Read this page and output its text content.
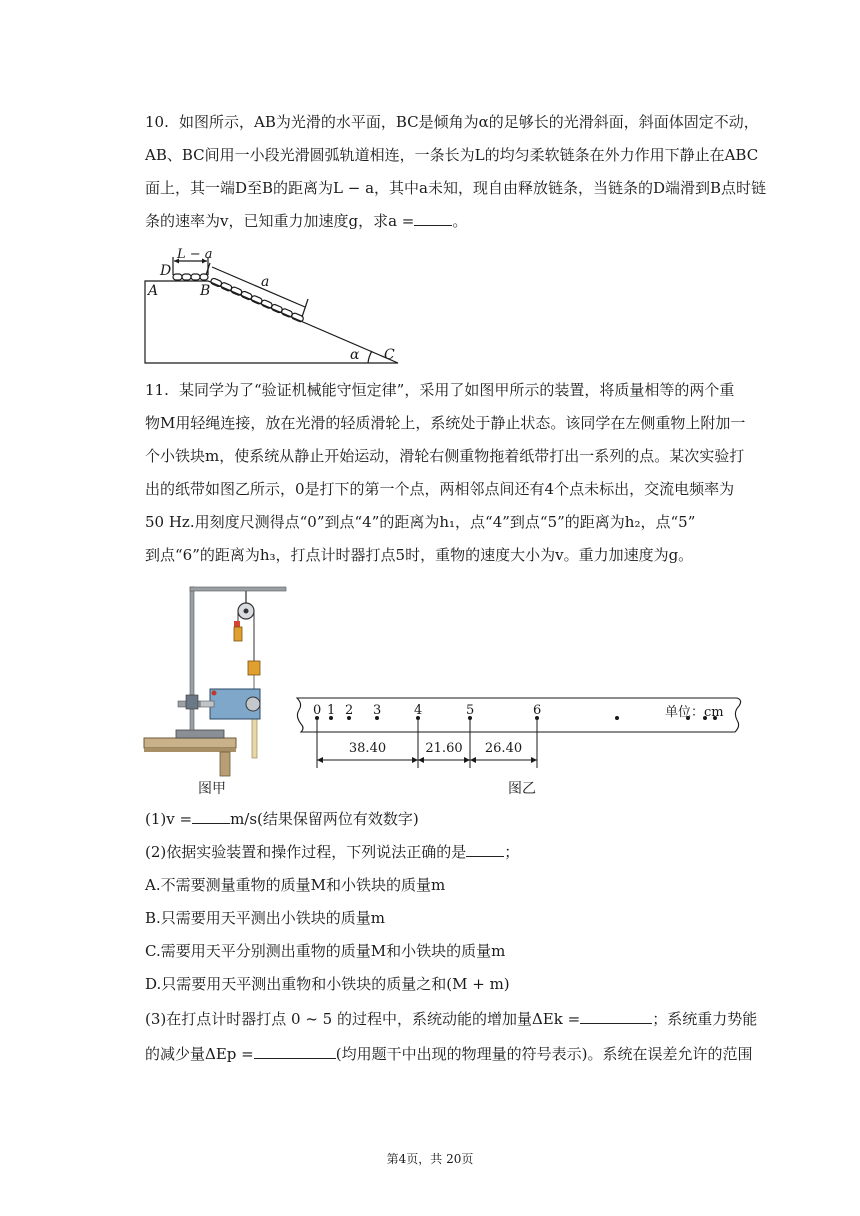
10. 如图所示，AB为光滑的水平面，BC是倾角为α的足够长的光滑斜面，斜面体固定不动，
AB、BC间用一小段光滑圆弧轨道相连，一条长为L的均匀柔软链条在外力作用下静止在ABC
面上，其一端D至B的距离为L − a，其中a未知，现自由释放链条，当链条的D端滑到B点时链
条的速率为v，已知重力加速度g，求a =	。
D
A	B
C
α
L − a
a
11. 某同学为了“验证机械能守恒定律”，采用了如图甲所示的装置，将质量相等的两个重
物M用轻绳连接，放在光滑的轻质滑轮上，系统处于静止状态。该同学在左侧重物上附加一
个小铁块m，使系统从静止开始运动，滑轮右侧重物拖着纸带打出一系列的点。某次实验打
出的纸带如图乙所示，0是打下的第一个点，两相邻点间还有4个点未标出，交流电频率为
50 Hz.用刻度尺测得点“0”到点“4”的距离为h₁，点“4”到点“5”的距离为h₂，点“5”
到点“6”的距离为h₃，打点计时器打点5时，重物的速度大小为v。重力加速度为g。
图甲
0 1 2 3	4	5	6
38.40	21.60 26.40
单位：cm
图乙
(1)v =	m/s(结果保留两位有效数字)
(2)依据实验装置和操作过程，下列说法正确的是	；
A.不需要测量重物的质量M和小铁块的质量m
B.只需要用天平测出小铁块的质量m
C.需要用天平分别测出重物的质量M和小铁块的质量m
D.只需要用天平测出重物和小铁块的质量之和(M + m)
(3)在打点计时器打点 0 ~ 5 的过程中，系统动能的增加量ΔEk =	；系统重力势能
的减少量ΔEp =	(均用题干中出现的物理量的符号表示)。系统在误差允许的范围
第4页，共 20页
